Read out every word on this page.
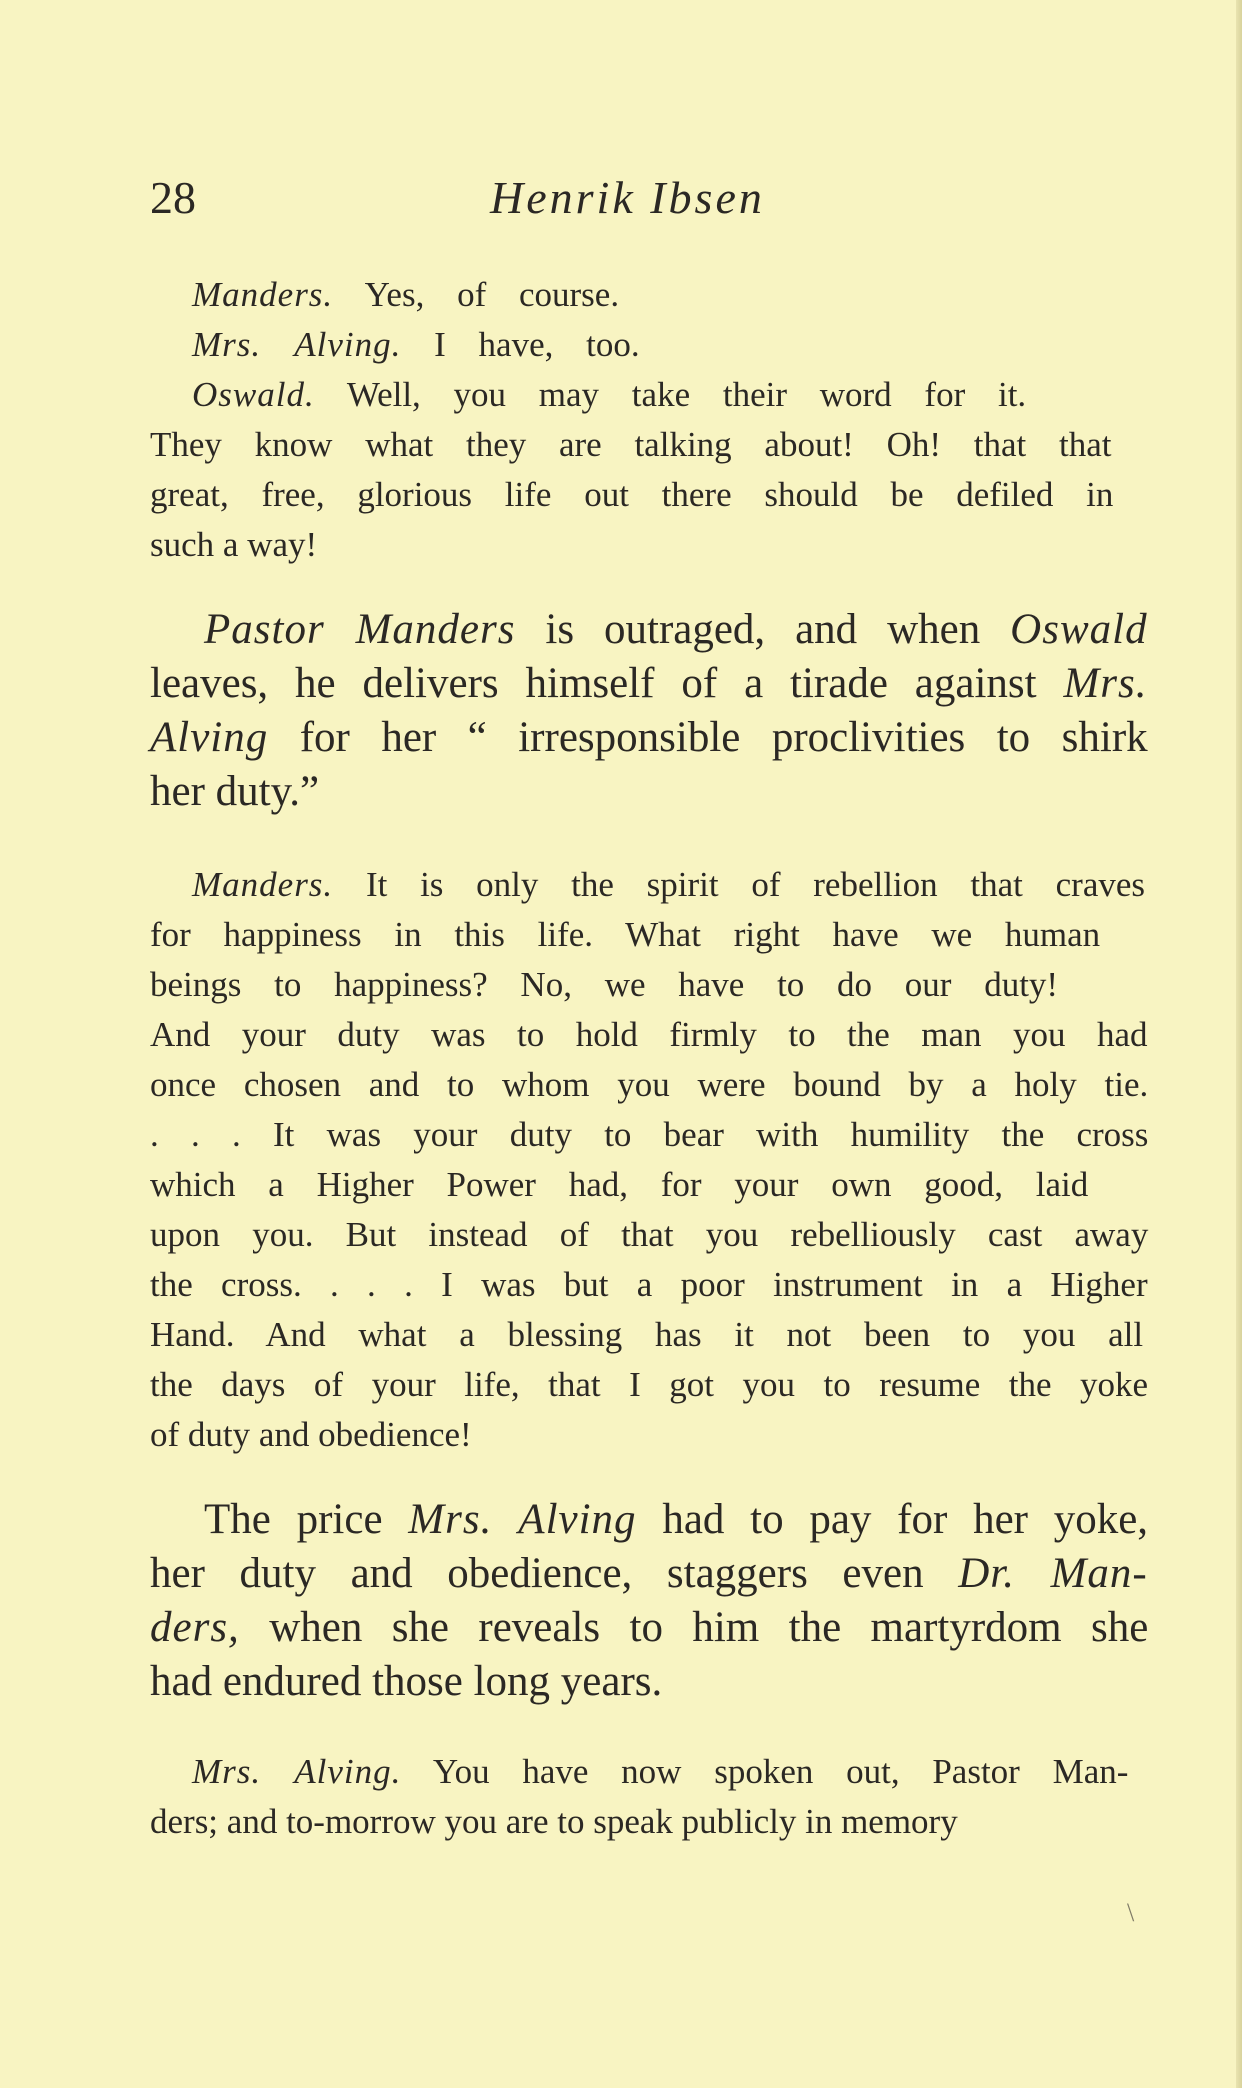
28	Henrik Ibsen
Manders. Yes, of course.
Mrs. Alving. I have, too.
Oswald. Well, you may take their word for it.
They know what they are talking about! Oh! that that
great, free, glorious life out there should be defiled in
such a way!
Pastor Manders is outraged, and when Oswald
leaves, he delivers himself of a tirade against Mrs.
Alving for her “ irresponsible proclivities to shirk
her duty.”
Manders. It is only the spirit of rebellion that craves
for happiness in this life. What right have we human
beings to happiness? No, we have to do our duty!
And your duty was to hold firmly to the man you had
once chosen and to whom you were bound by a holy tie.
. . . It was your duty to bear with humility the cross
which a Higher Power had, for your own good, laid
upon you. But instead of that you rebelliously cast away
the cross. . . . I was but a poor instrument in a Higher
Hand. And what a blessing has it not been to you all
the days of your life, that I got you to resume the yoke
of duty and obedience!
The price Mrs. Alving had to pay for her yoke,
her duty and obedience, staggers even Dr. Man-
ders, when she reveals to him the martyrdom she
had endured those long years.
Mrs. Alving. You have now spoken out, Pastor Man-
ders; and to-morrow you are to speak publicly in memory
\
